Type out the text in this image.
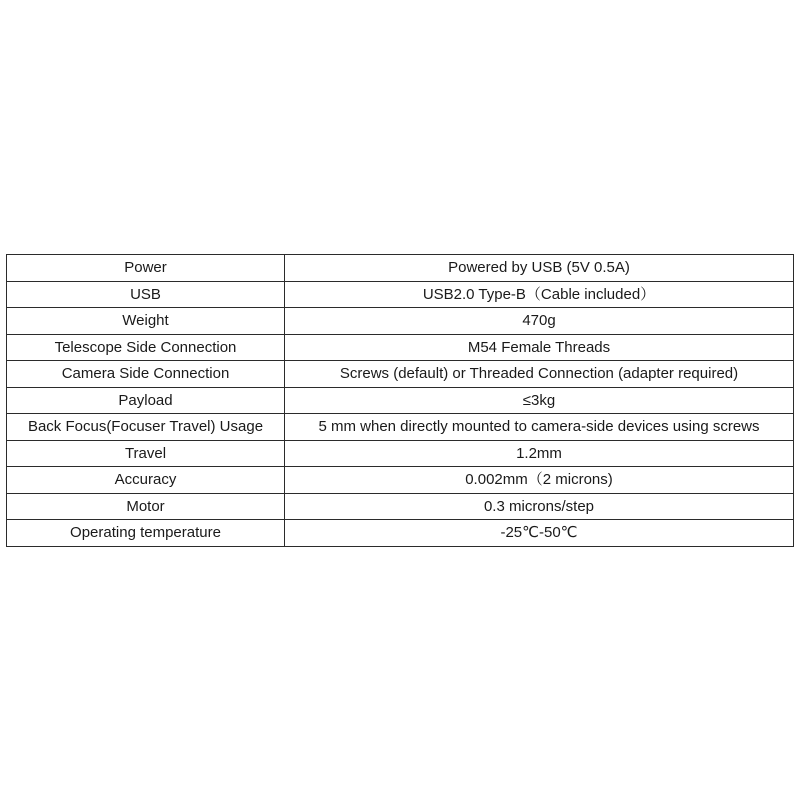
Power	Powered by USB (5V 0.5A)
USB	USB2.0 Type-B（Cable included）
Weight	470g
Telescope Side Connection	M54 Female Threads
Camera Side Connection	Screws (default) or Threaded Connection (adapter required)
Payload	≤3kg
Back Focus(Focuser Travel) Usage	5 mm when directly mounted to camera-side devices using screws
Travel	1.2mm
Accuracy	0.002mm（2 microns)
Motor	0.3 microns/step
Operating temperature	-25℃-50℃
